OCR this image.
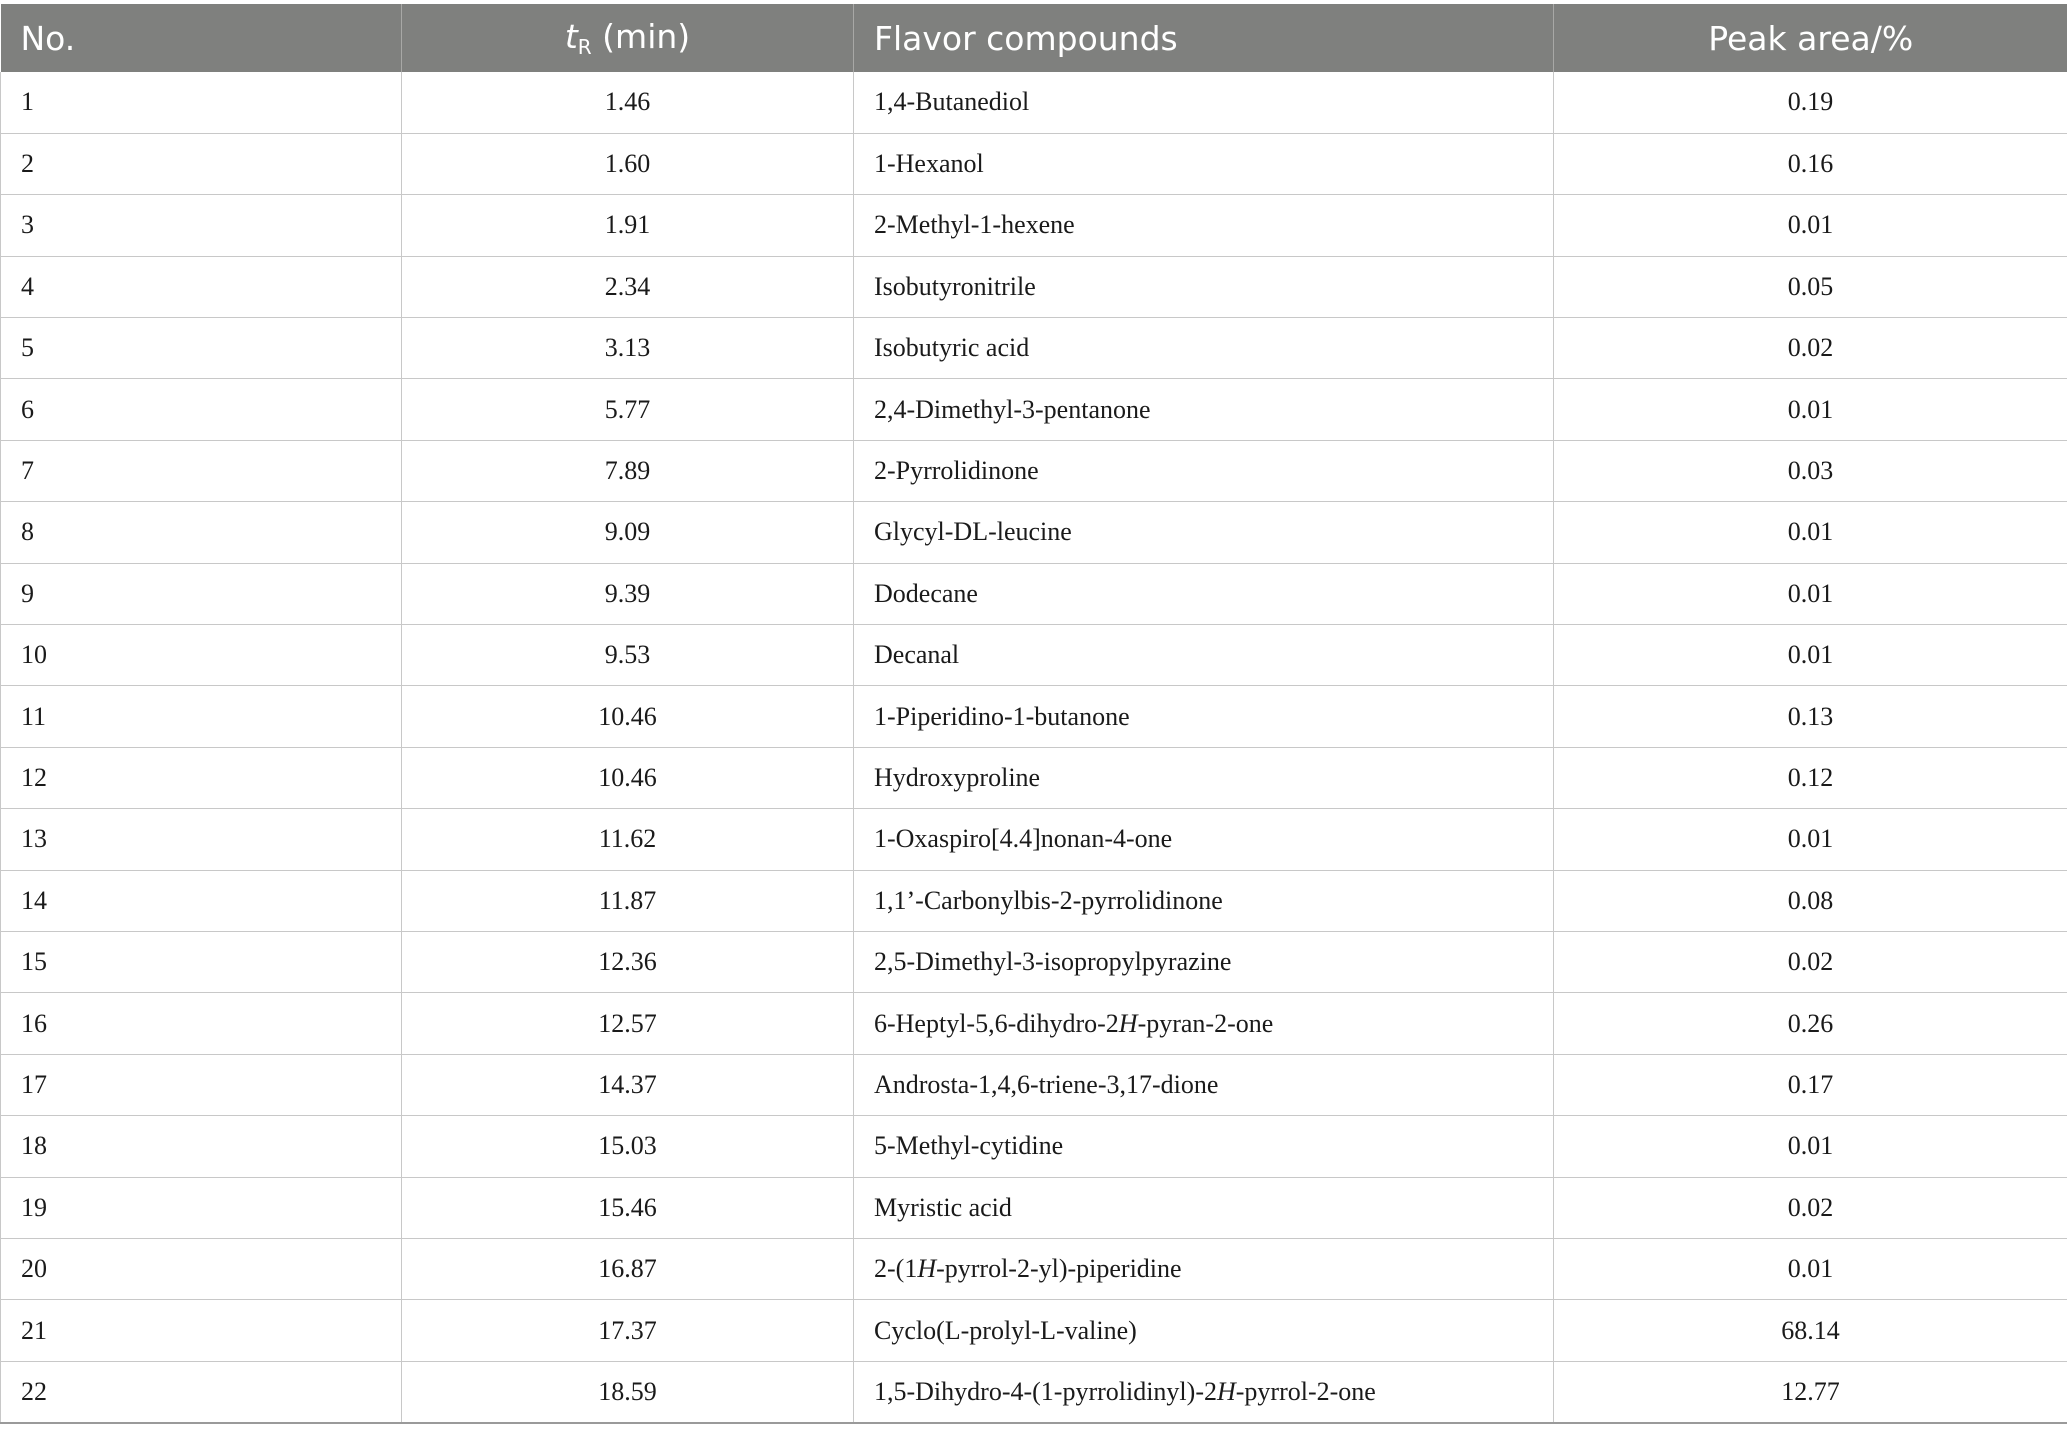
No.	$t_R$ (min)	Flavor compounds	Peak area/%
1	1.46	1,4-Butanediol	0.19
2	1.60	1-Hexanol	0.16
3	1.91	2-Methyl-1-hexene	0.01
4	2.34	Isobutyronitrile	0.05
5	3.13	Isobutyric acid	0.02
6	5.77	2,4-Dimethyl-3-pentanone	0.01
7	7.89	2-Pyrrolidinone	0.03
8	9.09	Glycyl-DL-leucine	0.01
9	9.39	Dodecane	0.01
10	9.53	Decanal	0.01
11	10.46	1-Piperidino-1-butanone	0.13
12	10.46	Hydroxyproline	0.12
13	11.62	1-Oxaspiro[4.4]nonan-4-one	0.01
14	11.87	1,1’-Carbonylbis-2-pyrrolidinone	0.08
15	12.36	2,5-Dimethyl-3-isopropylpyrazine	0.02
16	12.57	6-Heptyl-5,6-dihydro-2H-pyran-2-one	0.26
17	14.37	Androsta-1,4,6-triene-3,17-dione	0.17
18	15.03	5-Methyl-cytidine	0.01
19	15.46	Myristic acid	0.02
20	16.87	2-(1H-pyrrol-2-yl)-piperidine	0.01
21	17.37	Cyclo(L-prolyl-L-valine)	68.14
22	18.59	1,5-Dihydro-4-(1-pyrrolidinyl)-2H-pyrrol-2-one	12.77
